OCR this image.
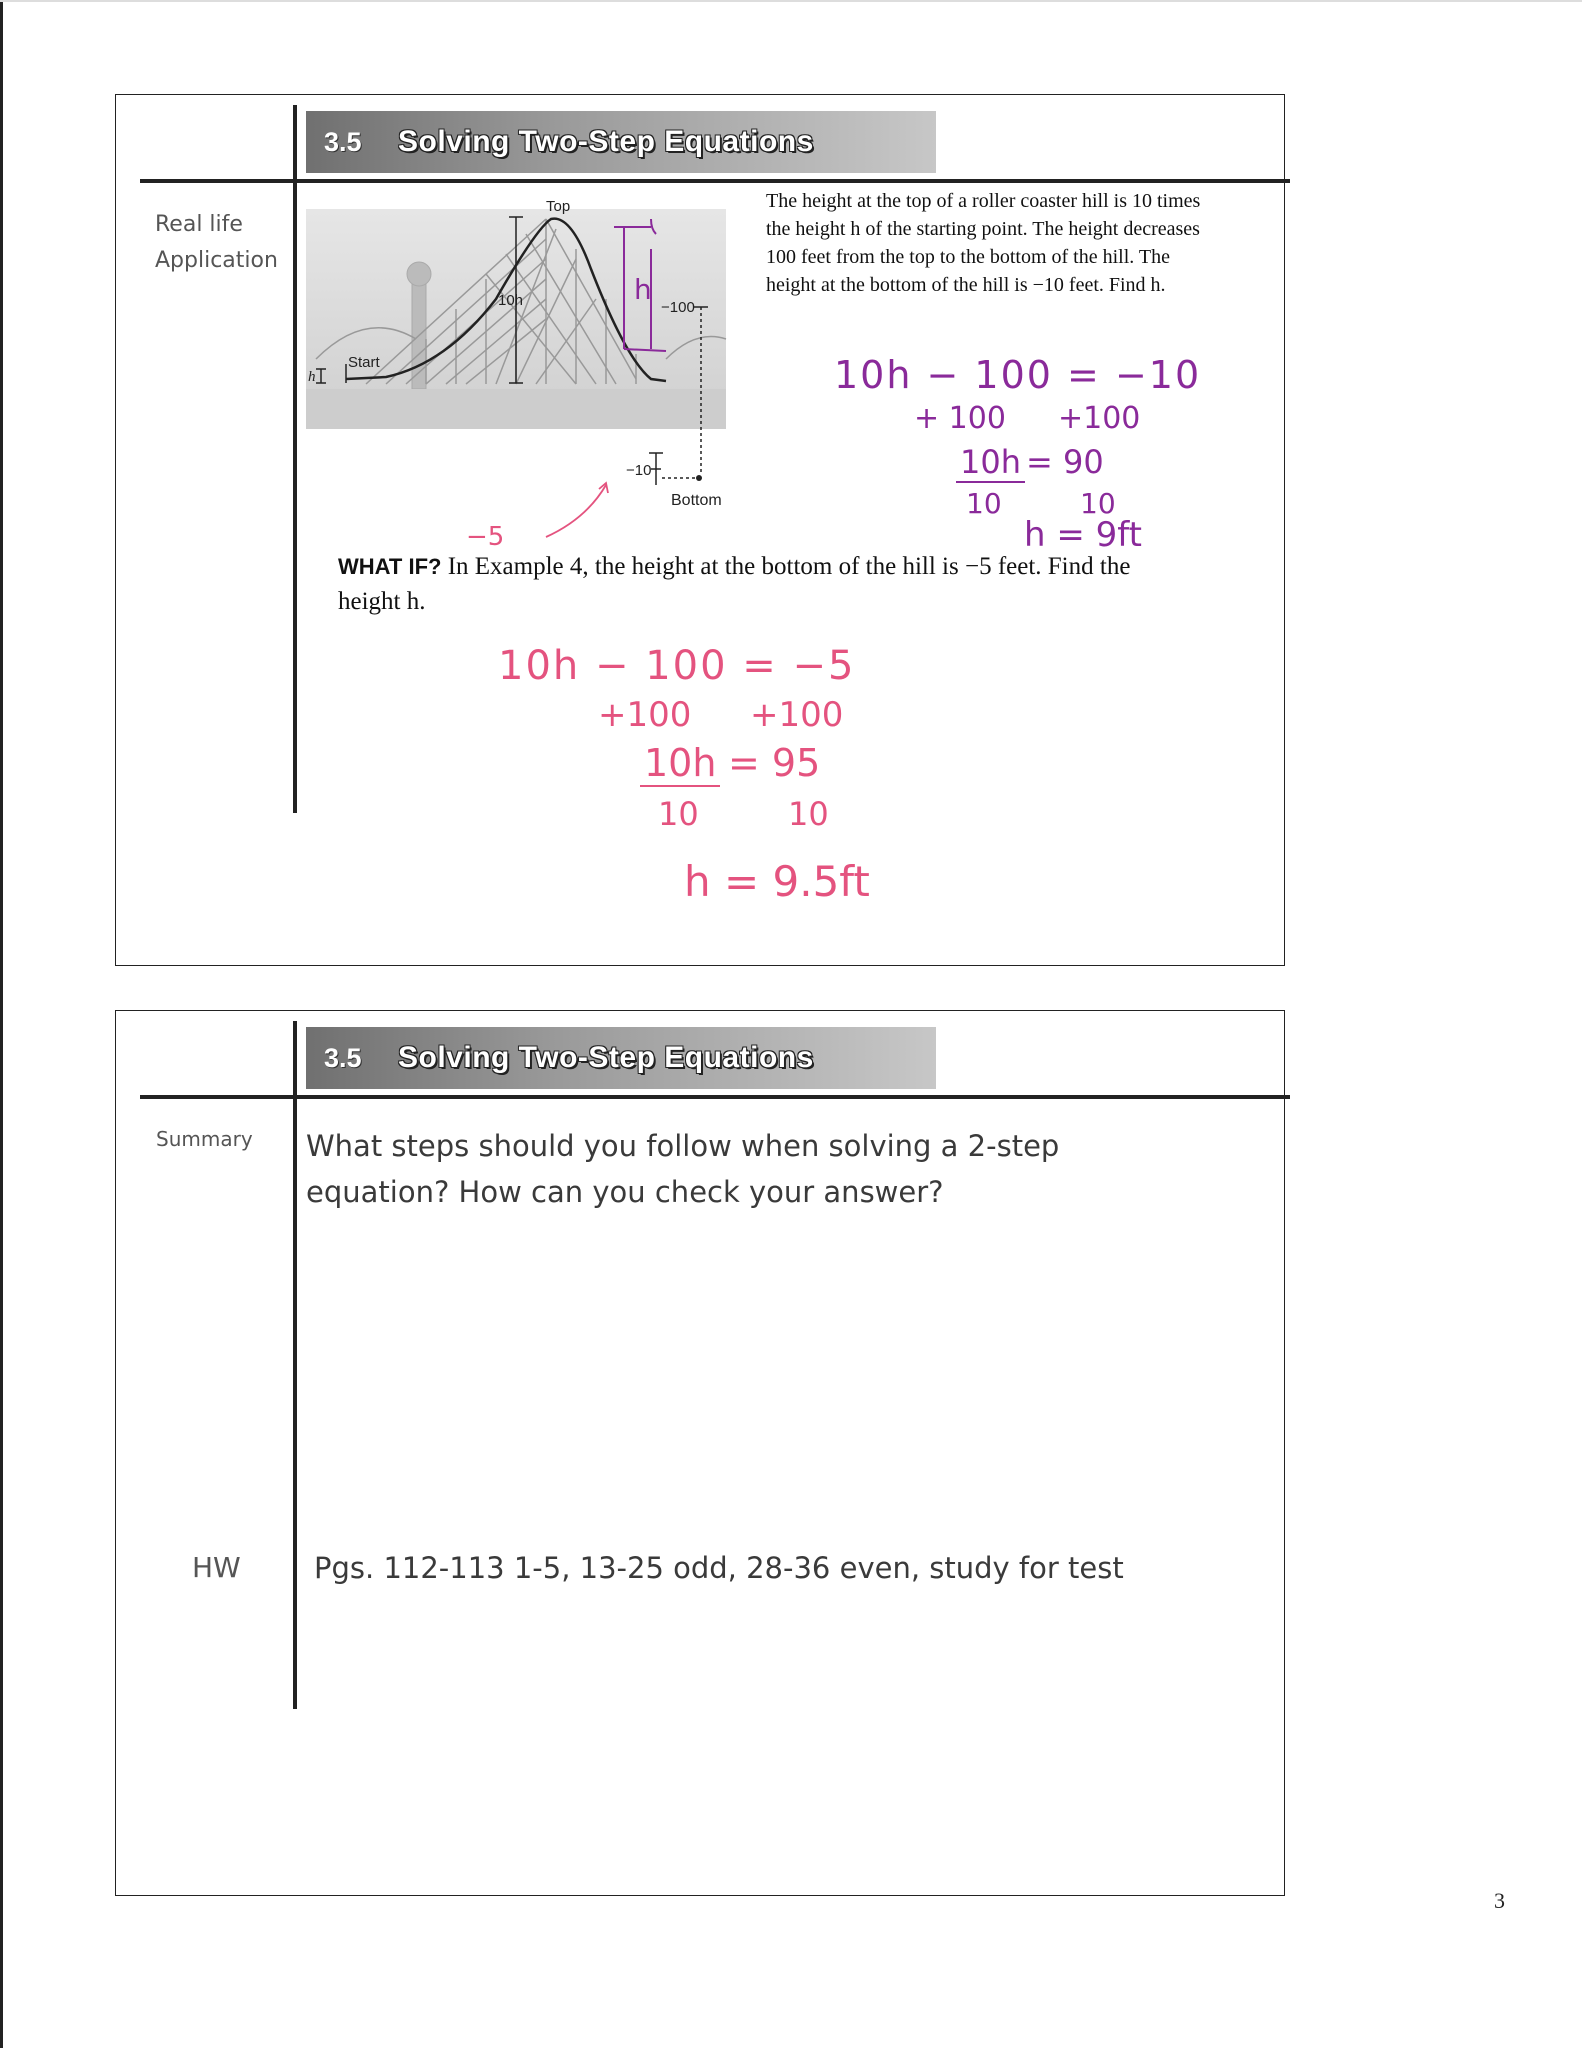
3.5	Solving Two-Step Equations
Real life
Application
Top
Start
h
10h	−100
−10
Bottom
h
−5
The height at the top of a roller coaster hill is 10 times the height h of the starting point. The height decreases 100 feet from the top to the bottom of the hill. The height at the bottom of the hill is −10 feet. Find h.
10h − 100 = −10
+ 100 +100
10h = 90
10	10
h = 9ft
WHAT IF? In Example 4, the height at the bottom of the hill is −5 feet. Find the height h.
10h − 100 = −5
+100 +100
10h = 95
10	10
h = 9.5ft
3.5	Solving Two-Step Equations
Summary What steps should you follow when solving a 2-step equation? How can you check your answer?
HW	Pgs. 112-113 1-5, 13-25 odd, 28-36 even, study for test
3
